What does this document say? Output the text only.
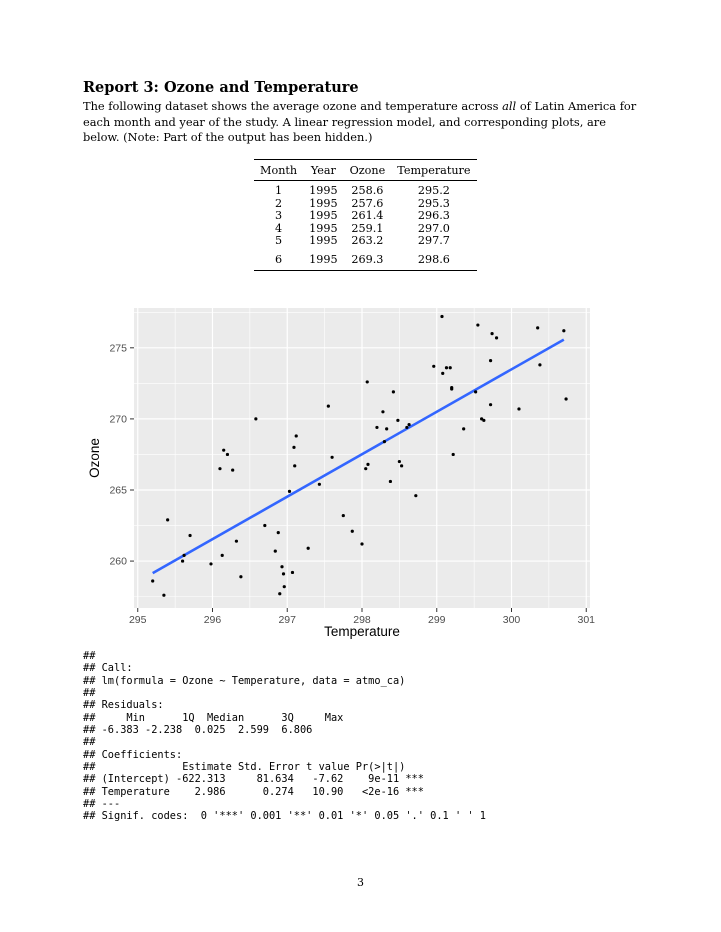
Report 3: Ozone and Temperature

The following dataset shows the average ozone and temperature across all of Latin America for each month and year of the study. A linear regression model, and corresponding plots, are below. (Note: Part of the output has been hidden.)

Month	Year	Ozone	Temperature
1	1995	258.6	295.2
2	1995	257.6	295.3
3	1995	261.4	296.3
4	1995	259.1	297.0
5	1995	263.2	297.7
6	1995	269.3	298.6
295	296	297	298	299	300	301
260
265
270
275
Temperature
Ozone
##
## Call:
## lm(formula = Ozone ~ Temperature, data = atmo_ca)
##
## Residuals:
##     Min      1Q  Median      3Q     Max
## -6.383 -2.238  0.025  2.599  6.806
##
## Coefficients:
##              Estimate Std. Error t value Pr(>|t|)
## (Intercept) -622.313     81.634   -7.62    9e-11 ***
## Temperature    2.986      0.274   10.90   <2e-16 ***
## ---
## Signif. codes:  0 '***' 0.001 '**' 0.01 '*' 0.05 '.' 0.1 ' ' 1
3
